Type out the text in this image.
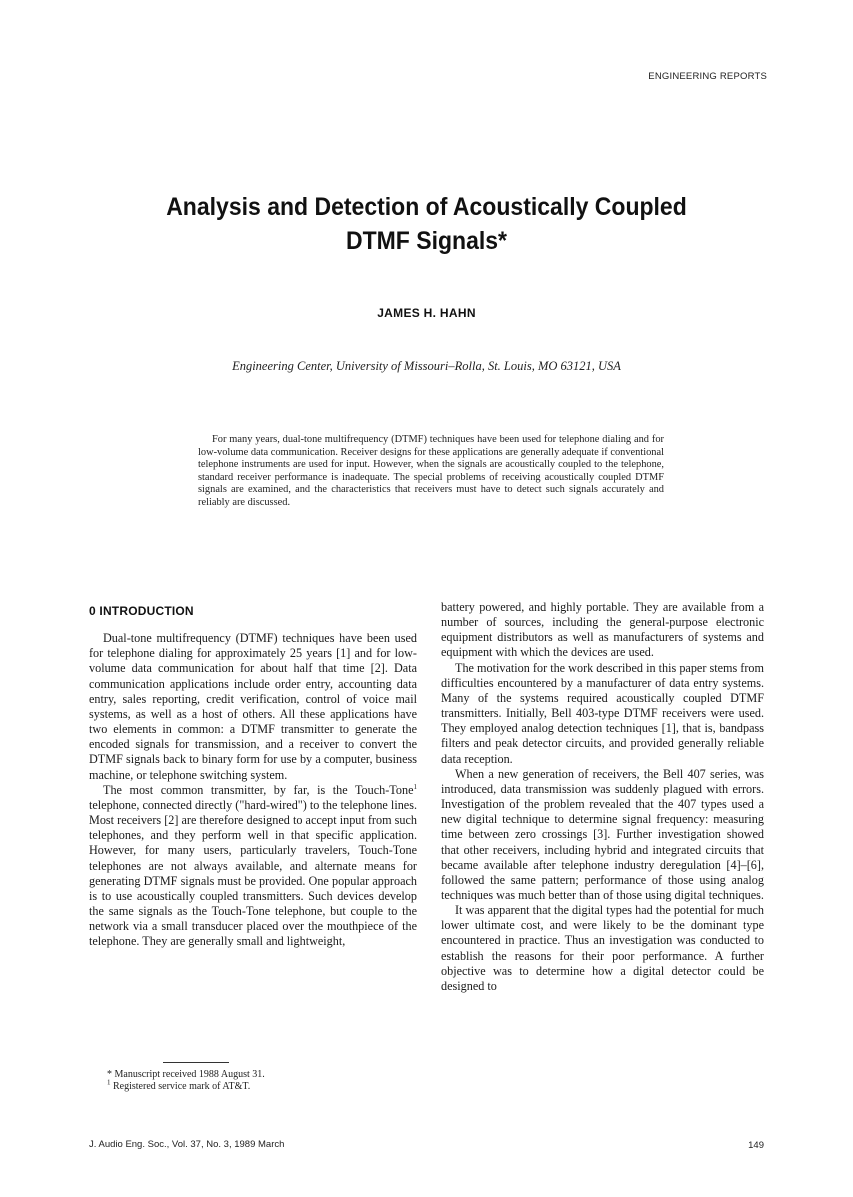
ENGINEERING REPORTS
Analysis and Detection of Acoustically Coupled
DTMF Signals*
JAMES H. HAHN
Engineering Center, University of Missouri–Rolla, St. Louis, MO 63121, USA
For many years, dual-tone multifrequency (DTMF) techniques have been used for telephone dialing and for low-volume data communication. Receiver designs for these applications are generally adequate if conventional telephone instruments are used for input. However, when the signals are acoustically coupled to the telephone, standard receiver performance is inadequate. The special problems of receiving acoustically coupled DTMF signals are examined, and the characteristics that receivers must have to detect such signals accurately and reliably are discussed.
0 INTRODUCTION

Dual-tone multifrequency (DTMF) techniques have been used for telephone dialing for approximately 25 years [1] and for low-volume data communication for about half that time [2]. Data communication applications include order entry, accounting data entry, sales reporting, credit verification, control of voice mail systems, as well as a host of others. All these applications have two elements in common: a DTMF transmitter to generate the encoded signals for transmission, and a receiver to convert the DTMF signals back to binary form for use by a computer, business machine, or telephone switching system.

The most common transmitter, by far, is the Touch-Tone$^1$ telephone, connected directly ("hard-wired") to the telephone lines. Most receivers [2] are therefore designed to accept input from such telephones, and they perform well in that specific application. However, for many users, particularly travelers, Touch-Tone telephones are not always available, and alternate means for generating DTMF signals must be provided. One popular approach is to use acoustically coupled transmitters. Such devices develop the same signals as the Touch-Tone telephone, but couple to the network via a small transducer placed over the mouthpiece of the telephone. They are generally small and lightweight,

battery powered, and highly portable. They are available from a number of sources, including the general-purpose electronic equipment distributors as well as manufacturers of systems and equipment with which the devices are used.

The motivation for the work described in this paper stems from difficulties encountered by a manufacturer of data entry systems. Many of the systems required acoustically coupled DTMF transmitters. Initially, Bell 403-type DTMF receivers were used. They employed analog detection techniques [1], that is, bandpass filters and peak detector circuits, and provided generally reliable data reception.

When a new generation of receivers, the Bell 407 series, was introduced, data transmission was suddenly plagued with errors. Investigation of the problem revealed that the 407 types used a new digital technique to determine signal frequency: measuring time between zero crossings [3]. Further investigation showed that other receivers, including hybrid and integrated circuits that became available after telephone industry deregulation [4]–[6], followed the same pattern; performance of those using analog techniques was much better than of those using digital techniques.

It was apparent that the digital types had the potential for much lower ultimate cost, and were likely to be the dominant type encountered in practice. Thus an investigation was conducted to establish the reasons for their poor performance. A further objective was to determine how a digital detector could be designed to

* Manuscript received 1988 August 31.
$^1$ Registered service mark of AT&T.
J. Audio Eng. Soc., Vol. 37, No. 3, 1989 March	149
